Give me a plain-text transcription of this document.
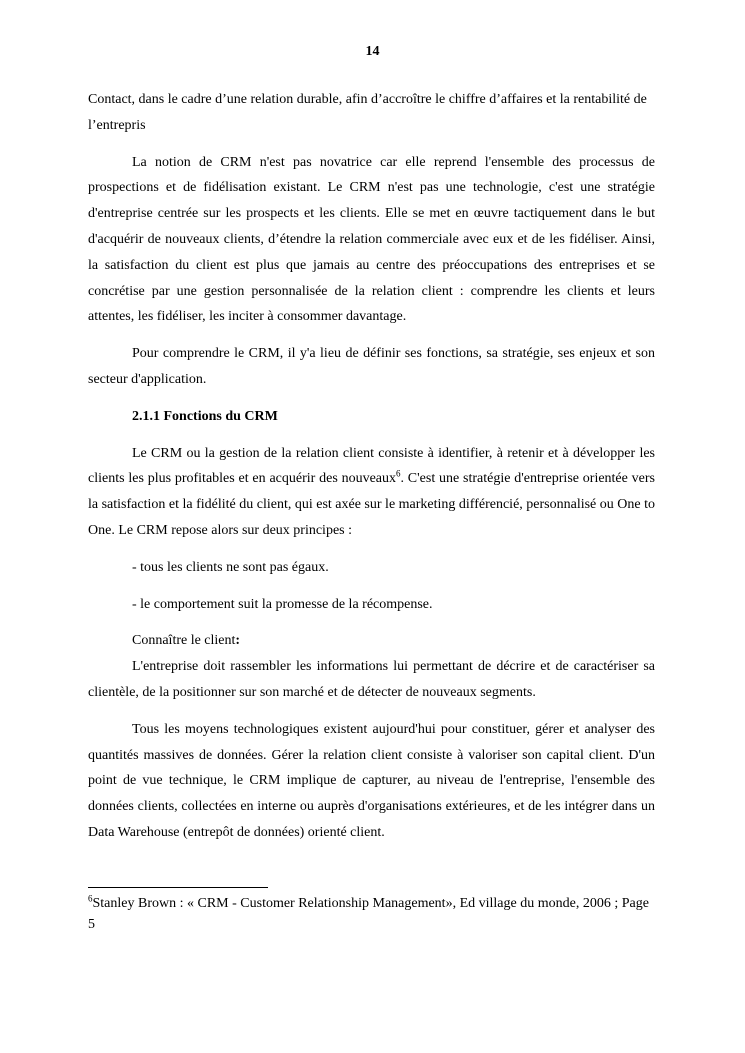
14

Contact, dans le cadre d’une relation durable, afin d’accroître le chiffre d’affaires et la rentabilité de l’entrepris

La notion de CRM n'est pas novatrice car elle reprend l'ensemble des processus de prospections et de fidélisation existant. Le CRM n'est pas une technologie, c'est une stratégie d'entreprise centrée sur les prospects et les clients. Elle se met en œuvre tactiquement dans le but d'acquérir de nouveaux clients, d’étendre la relation commerciale avec eux et de les fidéliser. Ainsi, la satisfaction du client est plus que jamais au centre des préoccupations des entreprises et se concrétise par une gestion personnalisée de la relation client : comprendre les clients et leurs attentes, les fidéliser, les inciter à consommer davantage.

Pour comprendre le CRM, il y'a lieu de définir ses fonctions, sa stratégie, ses enjeux et son secteur d'application.

2.1.1 Fonctions du CRM

Le CRM ou la gestion de la relation client consiste à identifier, à retenir et à développer les clients les plus profitables et en acquérir des nouveaux$^6$. C'est une stratégie d'entreprise orientée vers la satisfaction et la fidélité du client, qui est axée sur le marketing différencié, personnalisé ou One to One. Le CRM repose alors sur deux principes :

- tous les clients ne sont pas égaux.

- le comportement suit la promesse de la récompense.

Connaître le client:

L'entreprise doit rassembler les informations lui permettant de décrire et de caractériser sa clientèle, de la positionner sur son marché et de détecter de nouveaux segments.

Tous les moyens technologiques existent aujourd'hui pour constituer, gérer et analyser des quantités massives de données. Gérer la relation client consiste à valoriser son capital client. D'un point de vue technique, le CRM implique de capturer, au niveau de l'entreprise, l'ensemble des données clients, collectées en interne ou auprès d'organisations extérieures, et de les intégrer dans un Data Warehouse (entrepôt de données) orienté client.

$^6$Stanley Brown : « CRM - Customer Relationship Management», Ed village du monde, 2006 ; Page 5
